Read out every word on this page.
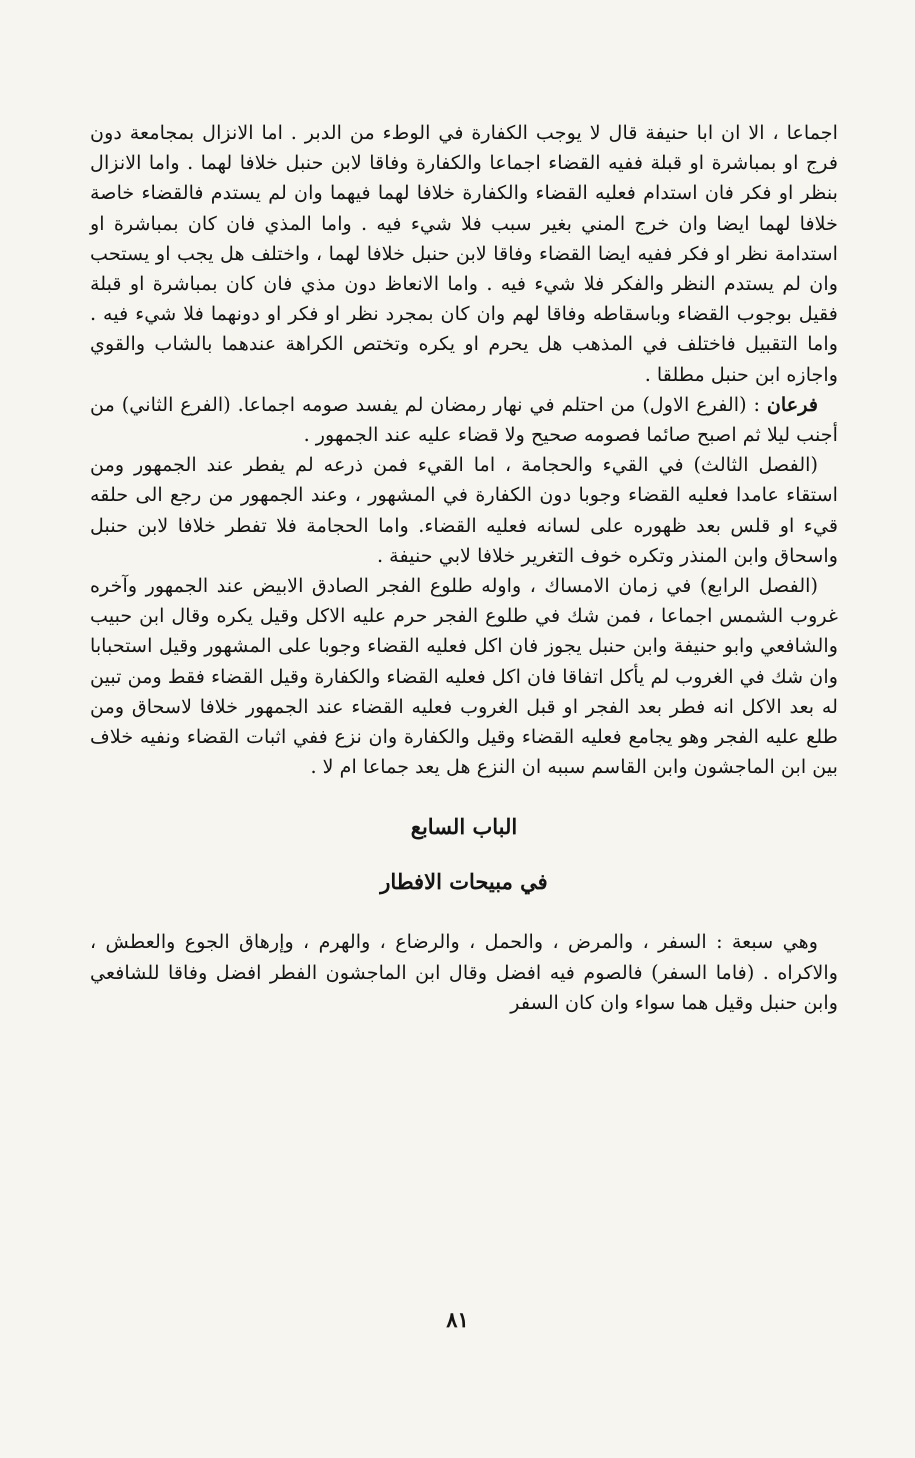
اجماعا ، الا ان ابا حنيفة قال لا يوجب الكفارة في الوطء من الدبر . اما الانزال بمجامعة دون فرج او بمباشرة او قبلة ففيه القضاء اجماعا والكفارة وفاقا لابن حنبل خلافا لهما . واما الانزال بنظر او فكر فان استدام فعليه القضاء والكفارة خلافا لهما فيهما وان لم يستدم فالقضاء خاصة خلافا لهما ايضا وان خرج المني بغير سبب فلا شيء فيه . واما المذي فان كان بمباشرة او استدامة نظر او فكر ففيه ايضا القضاء وفاقا لابن حنبل خلافا لهما ، واختلف هل يجب او يستحب وان لم يستدم النظر والفكر فلا شيء فيه . واما الانعاظ دون مذي فان كان بمباشرة او قبلة فقيل بوجوب القضاء وباسقاطه وفاقا لهم وان كان بمجرد نظر او فكر او دونهما فلا شيء فيه . واما التقبيل فاختلف في المذهب هل يحرم او يكره وتختص الكراهة عندهما بالشاب والقوي واجازه ابن حنبل مطلقا .

فرعان : (الفرع الاول) من احتلم في نهار رمضان لم يفسد صومه اجماعا. (الفرع الثاني) من أجنب ليلا ثم اصبح صائما فصومه صحيح ولا قضاء عليه عند الجمهور .

(الفصل الثالث) في القيء والحجامة ، اما القيء فمن ذرعه لم يفطر عند الجمهور ومن استقاء عامدا فعليه القضاء وجوبا دون الكفارة في المشهور ، وعند الجمهور من رجع الى حلقه قيء او قلس بعد ظهوره على لسانه فعليه القضاء. واما الحجامة فلا تفطر خلافا لابن حنبل واسحاق وابن المنذر وتكره خوف التغرير خلافا لابي حنيفة .

(الفصل الرابع) في زمان الامساك ، واوله طلوع الفجر الصادق الابيض عند الجمهور وآخره غروب الشمس اجماعا ، فمن شك في طلوع الفجر حرم عليه الاكل وقيل يكره وقال ابن حبيب والشافعي وابو حنيفة وابن حنبل يجوز فان اكل فعليه القضاء وجوبا على المشهور وقيل استحبابا وان شك في الغروب لم يأكل اتفاقا فان اكل فعليه القضاء والكفارة وقيل القضاء فقط ومن تبين له بعد الاكل انه فطر بعد الفجر او قبل الغروب فعليه القضاء عند الجمهور خلافا لاسحاق ومن طلع عليه الفجر وهو يجامع فعليه القضاء وقيل والكفارة وان نزع ففي اثبات القضاء ونفيه خلاف بين ابن الماجشون وابن القاسم سببه ان النزع هل يعد جماعا ام لا .

الباب السابع
في مبيحات الافطار

وهي سبعة : السفر ، والمرض ، والحمل ، والرضاع ، والهرم ، وإرهاق الجوع والعطش ، والاكراه . (فاما السفر) فالصوم فيه افضل وقال ابن الماجشون الفطر افضل وفاقا للشافعي وابن حنبل وقيل هما سواء وان كان السفر

٨١
